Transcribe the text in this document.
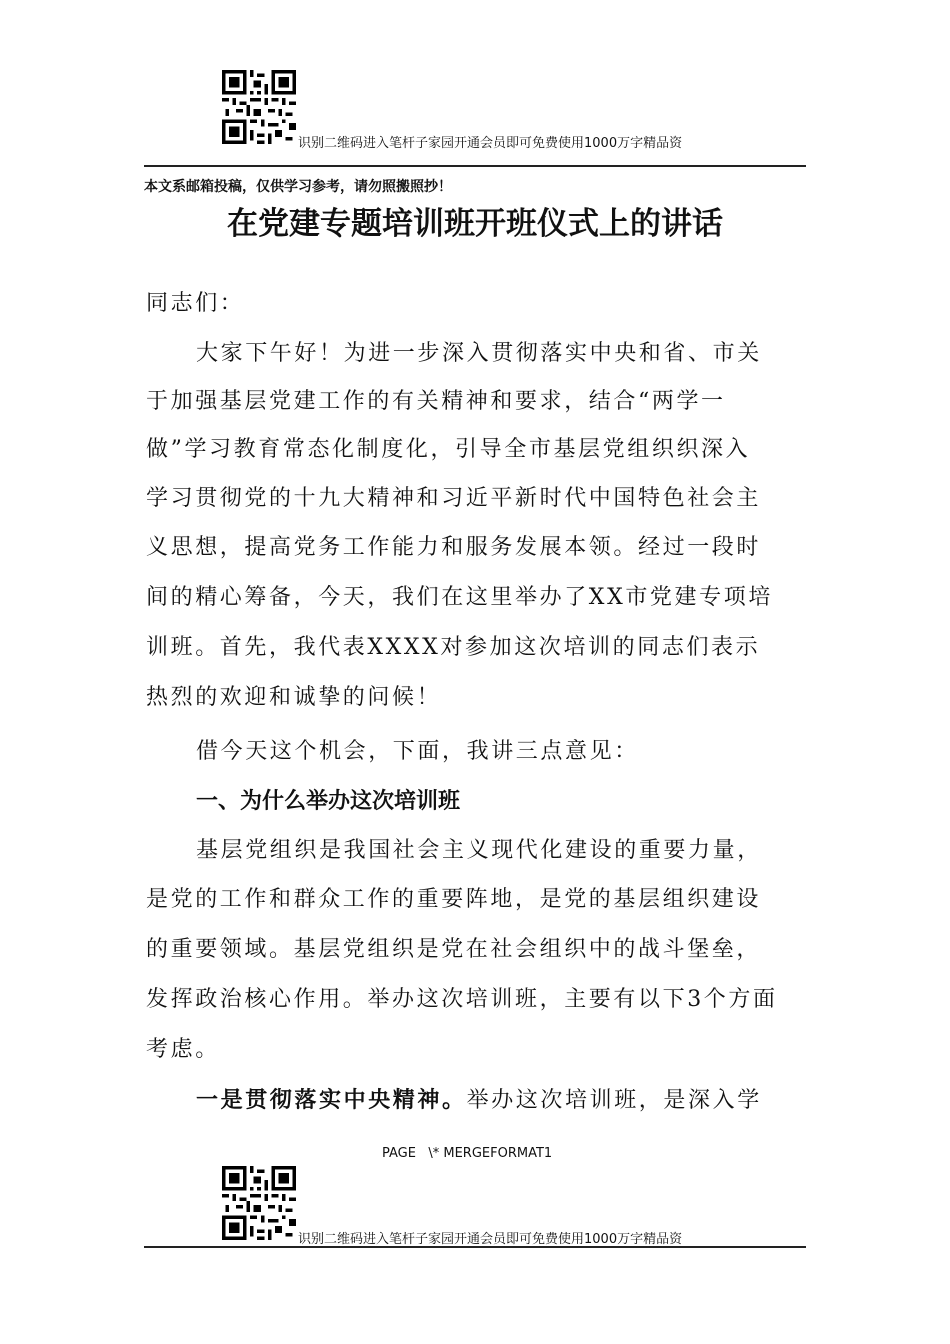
识别二维码进入笔杆子家园开通会员即可免费使用1000万字精品资
本文系邮箱投稿，仅供学习参考，请勿照搬照抄！
在党建专题培训班开班仪式上的讲话
同志们：
大家下午好！为进一步深入贯彻落实中央和省、市关
于加强基层党建工作的有关精神和要求，结合“两学一
做”学习教育常态化制度化，引导全市基层党组织织深入
学习贯彻党的十九大精神和习近平新时代中国特色社会主
义思想，提高党务工作能力和服务发展本领。经过一段时
间的精心筹备，今天，我们在这里举办了XX市党建专项培
训班。首先，我代表XXXX对参加这次培训的同志们表示
热烈的欢迎和诚挚的问候！
借今天这个机会，下面，我讲三点意见：
一、为什么举办这次培训班
基层党组织是我国社会主义现代化建设的重要力量，
是党的工作和群众工作的重要阵地，是党的基层组织建设
的重要领域。基层党组织是党在社会组织中的战斗堡垒，
发挥政治核心作用。举办这次培训班，主要有以下3个方面
考虑。
一是贯彻落实中央精神。举办这次培训班，是深入学
PAGE   \* MERGEFORMAT1
识别二维码进入笔杆子家园开通会员即可免费使用1000万字精品资
